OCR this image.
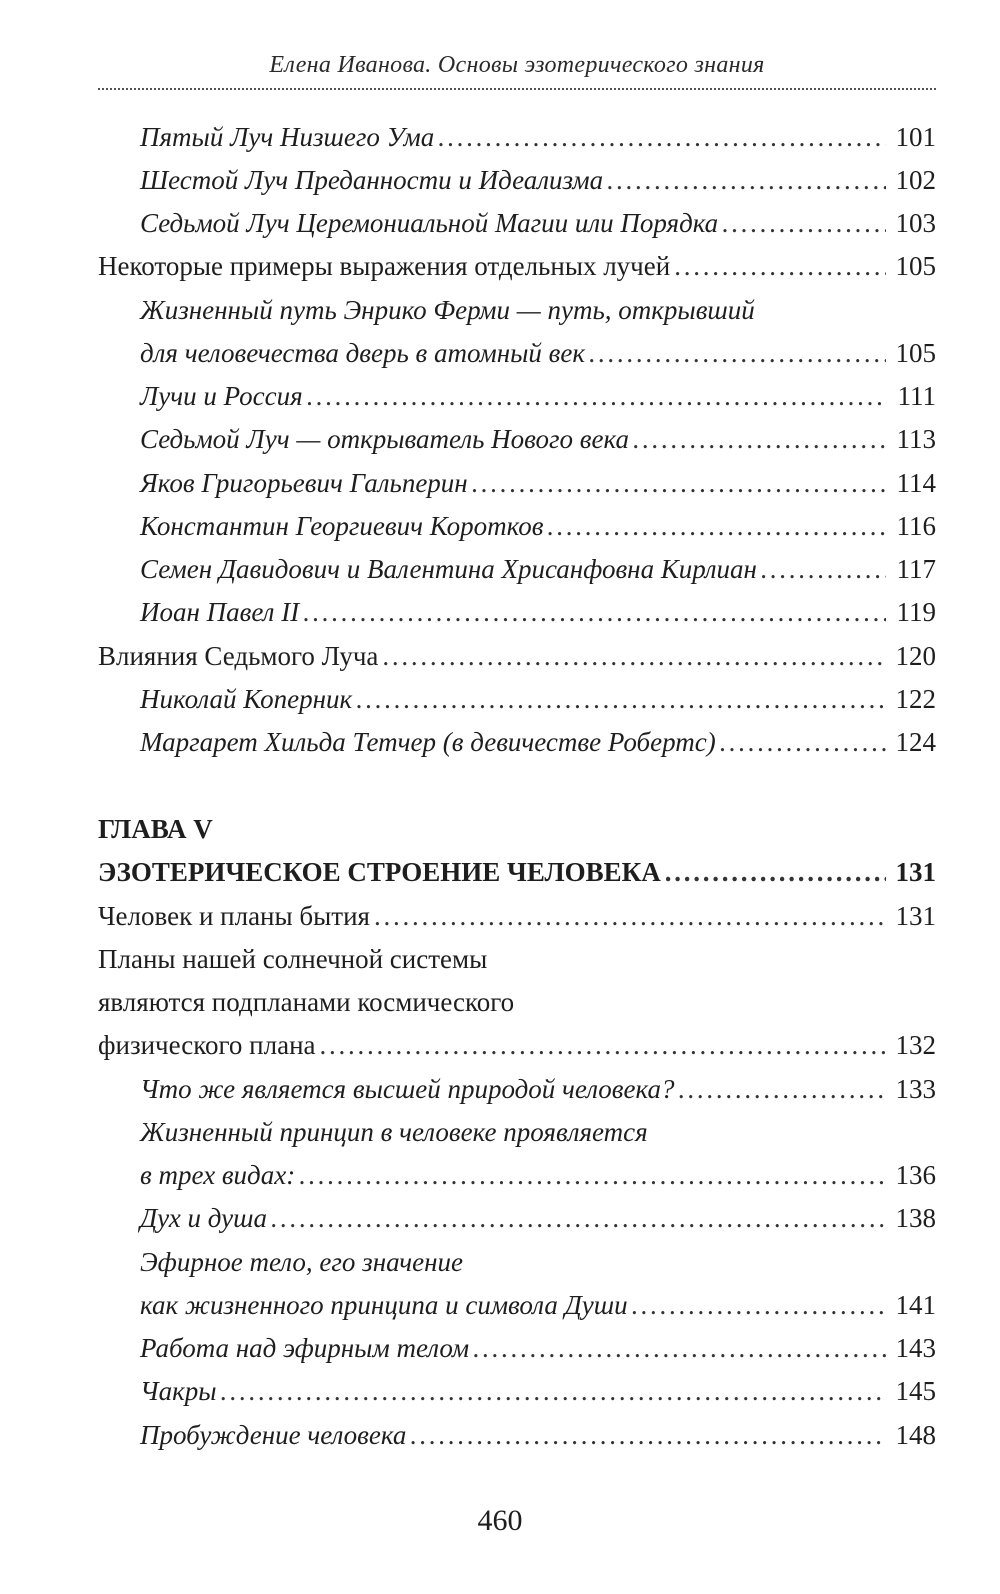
Елена Иванова. Основы эзотерического знания
Пятый Луч Низшего Ума . . .	101
Шестой Луч Преданности и Идеализма . . .	102
Седьмой Луч Церемониальной Магии или Порядка . . .	103
Некоторые примеры выражения отдельных лучей . . .	105
Жизненный путь Энрико Ферми — путь, открывший
для человечества дверь в атомный век . . .	105
Лучи и Россия . . .	111
Седьмой Луч — открыватель Нового века . . .	113
Яков Григорьевич Гальперин . . .	114
Константин Георгиевич Коротков . . .	116
Семен Давидович и Валентина Хрисанфовна Кирлиан . . .	117
Иоан Павел II . . .	119
Влияния Седьмого Луча . . .	120
Николай Коперник . . .	122
Маргарет Хильда Тетчер (в девичестве Робертс) . . .	124
ГЛАВА V
ЭЗОТЕРИЧЕСКОЕ СТРОЕНИЕ ЧЕЛОВЕКА . . .	131
Человек и планы бытия . . .	131
Планы нашей солнечной системы
являются подпланами космического
физического плана . . .	132
Что же является высшей природой человека? . . .	133
Жизненный принцип в человеке проявляется
в трех видах: . . .	136
Дух и душа . . .	138
Эфирное тело, его значение
как жизненного принципа и символа Души . . .	141
Работа над эфирным телом . . .	143
Чакры . . .	145
Пробуждение человека . . .	148
460
